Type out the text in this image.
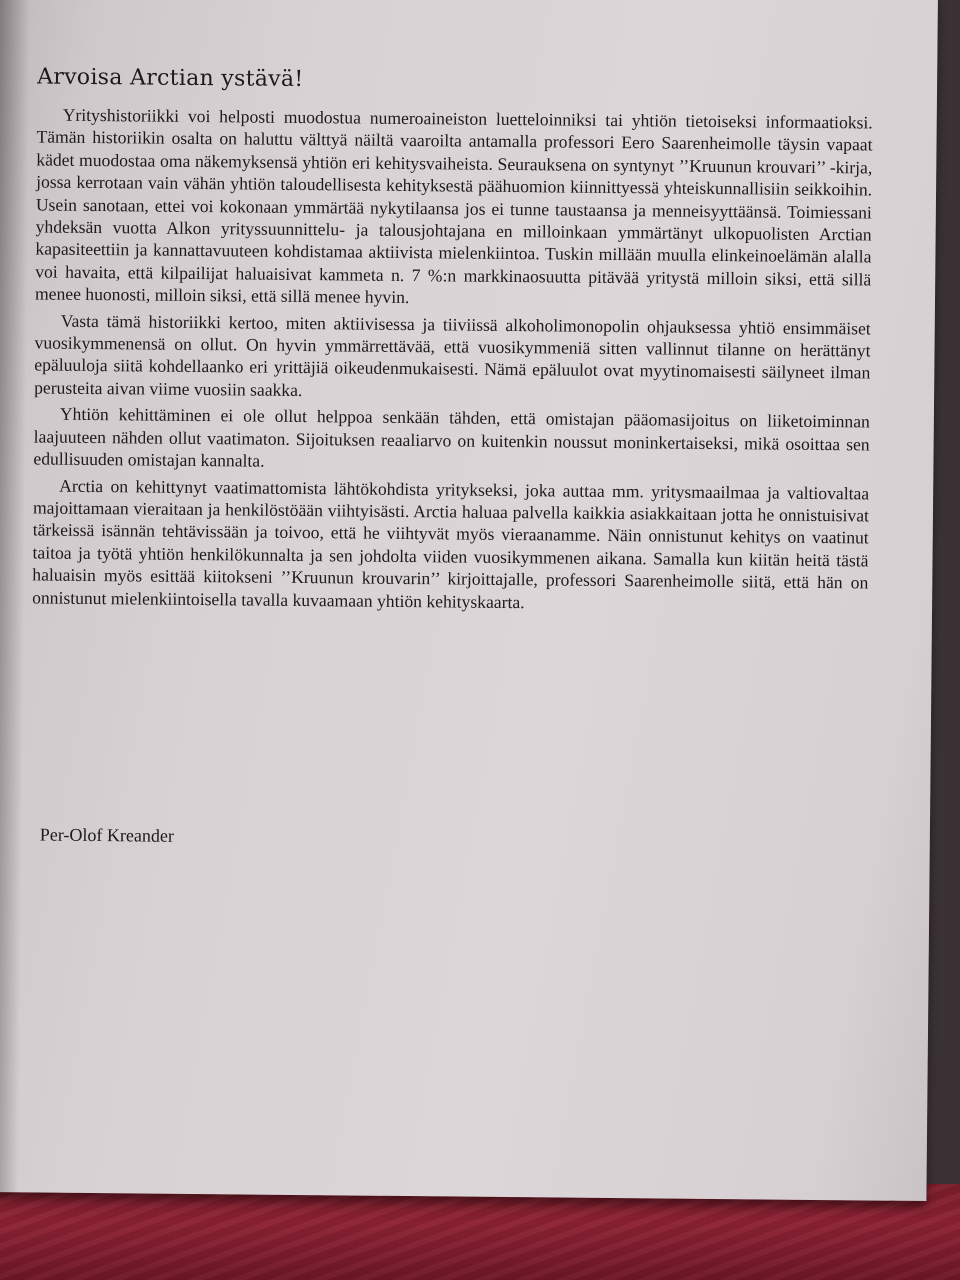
Arvoisa Arctian ystävä!

Yrityshistoriikki voi helposti muodostua numeroaineiston luetteloinniksi tai yhtiön tietoiseksi informaatioksi. Tämän historiikin osalta on haluttu välttyä näiltä vaaroilta antamalla professori Eero Saarenheimolle täysin vapaat kädet muodostaa oma näkemyksensä yhtiön eri kehitysvaiheista. Seurauksena on syntynyt ’’Kruunun krouvari’’ -kirja, jossa kerrotaan vain vähän yhtiön taloudellisesta kehityksestä päähuomion kiinnittyessä yhteiskunnallisiin seikkoihin. Usein sanotaan, ettei voi kokonaan ymmärtää nykytilaansa jos ei tunne taustaansa ja menneisyyttäänsä. Toimiessani yhdeksän vuotta Alkon yrityssuunnittelu- ja talousjohtajana en milloinkaan ymmärtänyt ulkopuolisten Arctian kapasiteettiin ja kannattavuuteen kohdistamaa aktiivista mielenkiintoa. Tuskin millään muulla elinkeinoelämän alalla voi havaita, että kilpailijat haluaisivat kammeta n. 7 %:n markkinaosuutta pitävää yritystä milloin siksi, että sillä menee huonosti, milloin siksi, että sillä menee hyvin.

Vasta tämä historiikki kertoo, miten aktiivisessa ja tiiviissä alkoholimonopolin ohjauksessa yhtiö ensimmäiset vuosikymmenensä on ollut. On hyvin ymmärrettävää, että vuosikymmeniä sitten vallinnut tilanne on herättänyt epäluuloja siitä kohdellaanko eri yrittäjiä oikeudenmukaisesti. Nämä epäluulot ovat myytinomaisesti säilyneet ilman perusteita aivan viime vuosiin saakka.

Yhtiön kehittäminen ei ole ollut helppoa senkään tähden, että omistajan pääomasijoitus on liiketoiminnan laajuuteen nähden ollut vaatimaton. Sijoituksen reaaliarvo on kuitenkin noussut moninkertaiseksi, mikä osoittaa sen edullisuuden omistajan kannalta.

Arctia on kehittynyt vaatimattomista lähtökohdista yritykseksi, joka auttaa mm. yritysmaailmaa ja valtiovaltaa majoittamaan vieraitaan ja henkilöstöään viihtyisästi. Arctia haluaa palvella kaikkia asiakkaitaan jotta he onnistuisivat tärkeissä isännän tehtävissään ja toivoo, että he viihtyvät myös vieraanamme. Näin onnistunut kehitys on vaatinut taitoa ja työtä yhtiön henkilökunnalta ja sen johdolta viiden vuosikymmenen aikana. Samalla kun kiitän heitä tästä haluaisin myös esittää kiitokseni ’’Kruunun krouvarin’’ kirjoittajalle, professori Saarenheimolle siitä, että hän on onnistunut mielenkiintoisella tavalla kuvaamaan yhtiön kehityskaarta.

Per-Olof Kreander
